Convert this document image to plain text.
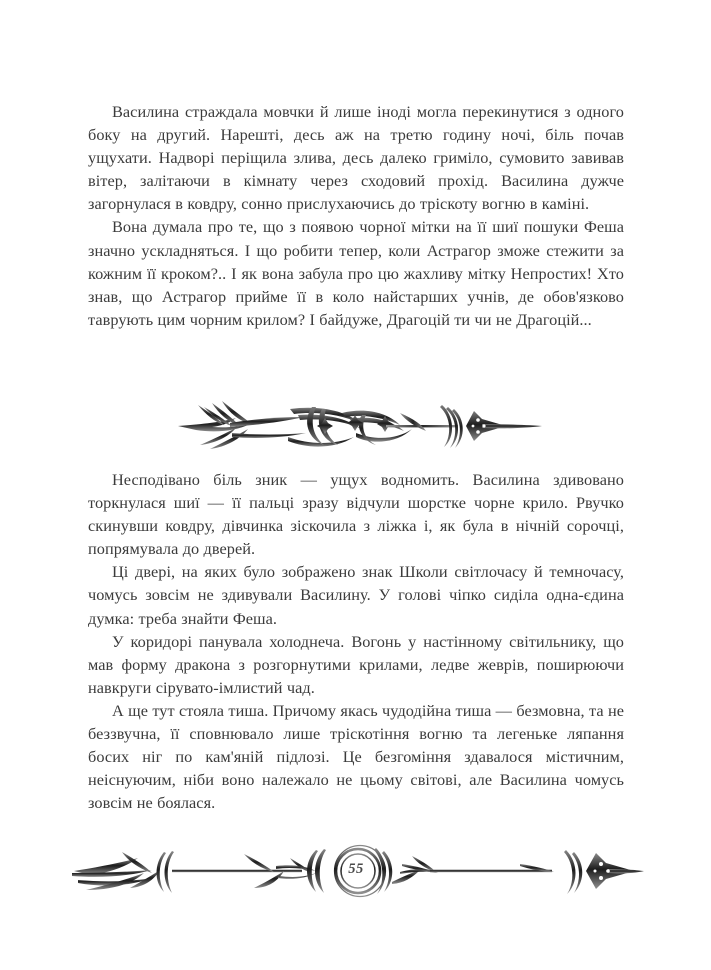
Василина страждала мовчки й лише іноді могла перекинутися з одного боку на другий. Нарешті, десь аж на третю годину ночі, біль почав ущухати. Надворі періщила злива, десь далеко гриміло, сумовито завивав вітер, залітаючи в кімнату через сходовий прохід. Василина дужче загорнулася в ковдру, сонно прислухаючись до тріскоту вогню в каміні.

Вона думала про те, що з появою чорної мітки на її шиї пошуки Феша значно ускладняться. І що робити тепер, коли Астрагор зможе стежити за кожним її кроком?.. І як вона забула про цю жахливу мітку Непростих! Хто знав, що Астрагор прийме її в коло найстарших учнів, де обов'язково таврують цим чорним крилом? І байдуже, Драгоцій ти чи не Драгоцій...

Несподівано біль зник — ущух водномить. Василина здивовано торкнулася шиї — її пальці зразу відчули шорстке чорне крило. Рвучко скинувши ковдру, дівчинка зіскочила з ліжка і, як була в нічній сорочці, попрямувала до дверей.

Ці двері, на яких було зображено знак Школи світлочасу й темночасу, чомусь зовсім не здивували Василину. У голові чіпко сиділа одна-єдина думка: треба знайти Феша.

У коридорі панувала холоднеча. Вогонь у настінному світильнику, що мав форму дракона з розгорнутими крилами, ледве жеврів, поширюючи навкруги сірувато-імлистий чад.

А ще тут стояла тиша. Причому якась чудодійна тиша — безмовна, та не беззвучна, її сповнювало лише тріскотіння вогню та легеньке ляпання босих ніг по кам'яній підлозі. Це безгоміння здавалося містичним, неіснуючим, ніби воно належало не цьому світові, але Василина чомусь зовсім не боялася.

55
